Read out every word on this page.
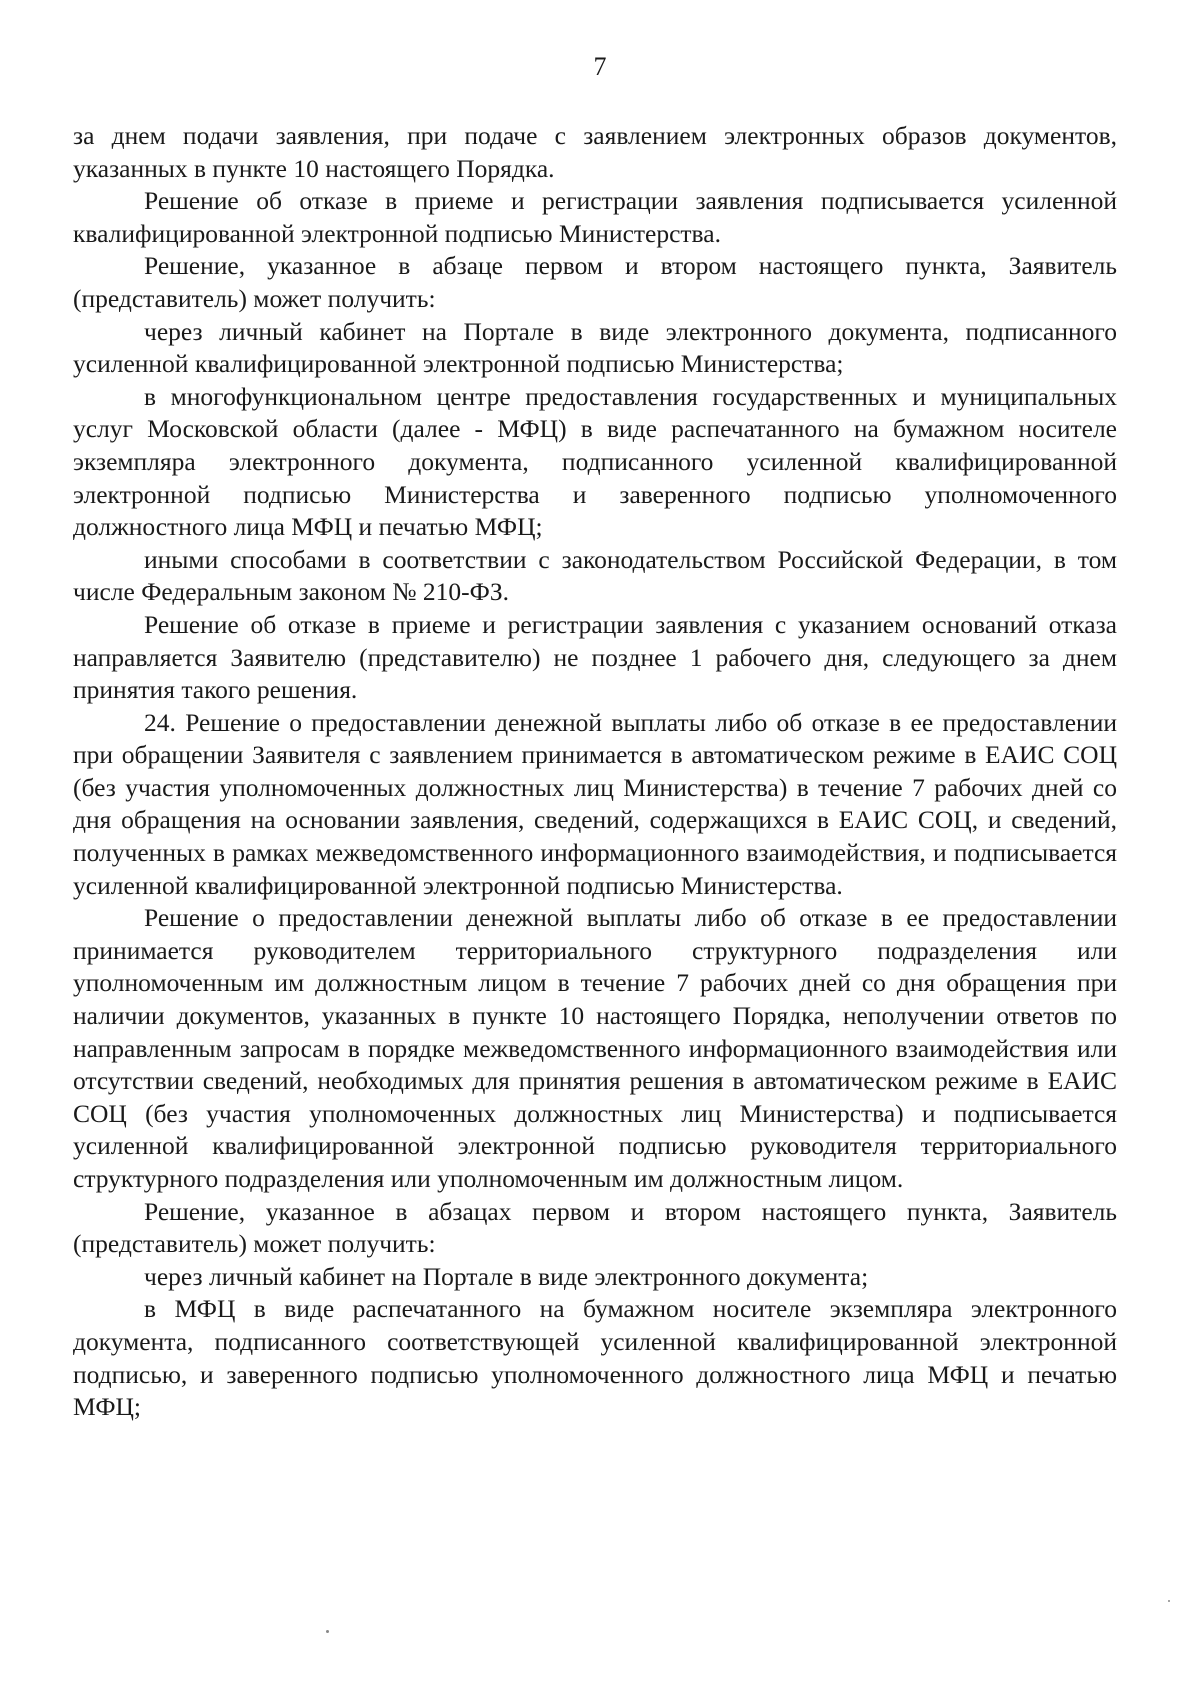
7

за днем подачи заявления, при подаче с заявлением электронных образов документов, указанных в пункте 10 настоящего Порядка.

Решение об отказе в приеме и регистрации заявления подписывается усиленной квалифицированной электронной подписью Министерства.

Решение, указанное в абзаце первом и втором настоящего пункта, Заявитель (представитель) может получить:

через личный кабинет на Портале в виде электронного документа, подписанного усиленной квалифицированной электронной подписью Министерства;

в многофункциональном центре предоставления государственных и муниципальных услуг Московской области (далее - МФЦ) в виде распечатанного на бумажном носителе экземпляра электронного документа, подписанного усиленной квалифицированной электронной подписью Министерства и заверенного подписью уполномоченного должностного лица МФЦ и печатью МФЦ;

иными способами в соответствии с законодательством Российской Федерации, в том числе Федеральным законом № 210-ФЗ.

Решение об отказе в приеме и регистрации заявления с указанием оснований отказа направляется Заявителю (представителю) не позднее 1 рабочего дня, следующего за днем принятия такого решения.

24. Решение о предоставлении денежной выплаты либо об отказе в ее предоставлении при обращении Заявителя с заявлением принимается в автоматическом режиме в ЕАИС СОЦ (без участия уполномоченных должностных лиц Министерства) в течение 7 рабочих дней со дня обращения на основании заявления, сведений, содержащихся в ЕАИС СОЦ, и сведений, полученных в рамках межведомственного информационного взаимодействия, и подписывается усиленной квалифицированной электронной подписью Министерства.

Решение о предоставлении денежной выплаты либо об отказе в ее предоставлении принимается руководителем территориального структурного подразделения или уполномоченным им должностным лицом в течение 7 рабочих дней со дня обращения при наличии документов, указанных в пункте 10 настоящего Порядка, неполучении ответов по направленным запросам в порядке межведомственного информационного взаимодействия или отсутствии сведений, необходимых для принятия решения в автоматическом режиме в ЕАИС СОЦ (без участия уполномоченных должностных лиц Министерства) и подписывается усиленной квалифицированной электронной подписью руководителя территориального структурного подразделения или уполномоченным им должностным лицом.

Решение, указанное в абзацах первом и втором настоящего пункта, Заявитель (представитель) может получить:

через личный кабинет на Портале в виде электронного документа;

в МФЦ в виде распечатанного на бумажном носителе экземпляра электронного документа, подписанного соответствующей усиленной квалифицированной электронной подписью, и заверенного подписью уполномоченного должностного лица МФЦ и печатью МФЦ;
